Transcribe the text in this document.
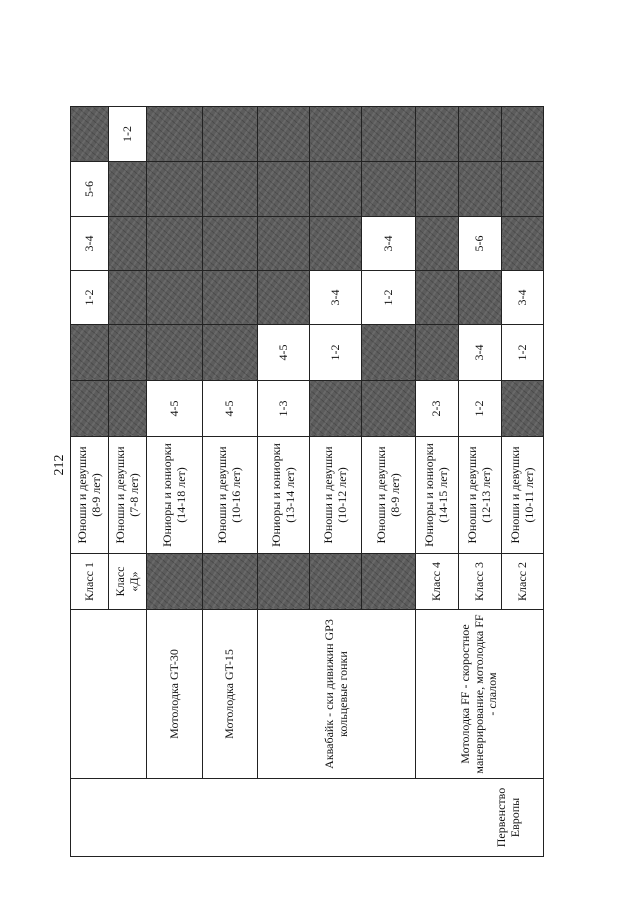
212
Первенство Европы		Класс 1	Юноши и девушки (8-9 лет)			1-2	3-4	5-6	
		Класс «Д»	Юноши и девушки (7-8 лет)						1-2
	Мотолодка GT-30		Юниоры и юниорки (14-18 лет)	4-5					
	Мотолодка GT-15		Юноши и девушки (10-16 лет)	4-5					
	Аквабайк - ски дивижин GP3 кольцевые гонки		Юниоры и юниорки (13-14 лет)	1-3	4-5				
			Юноши и девушки (10-12 лет)		1-2	3-4			
			Юноши и девушки (8-9 лет)			1-2	3-4		
	Мотолодка FF - скоростное маневрирование, мотолодка FF - слалом	Класс 4	Юниоры и юниорки (14-15 лет)	2-3					
		Класс 3	Юноши и девушки (12-13 лет)	1-2	3-4		5-6		
		Класс 2	Юноши и девушки (10-11 лет)		1-2	3-4			
